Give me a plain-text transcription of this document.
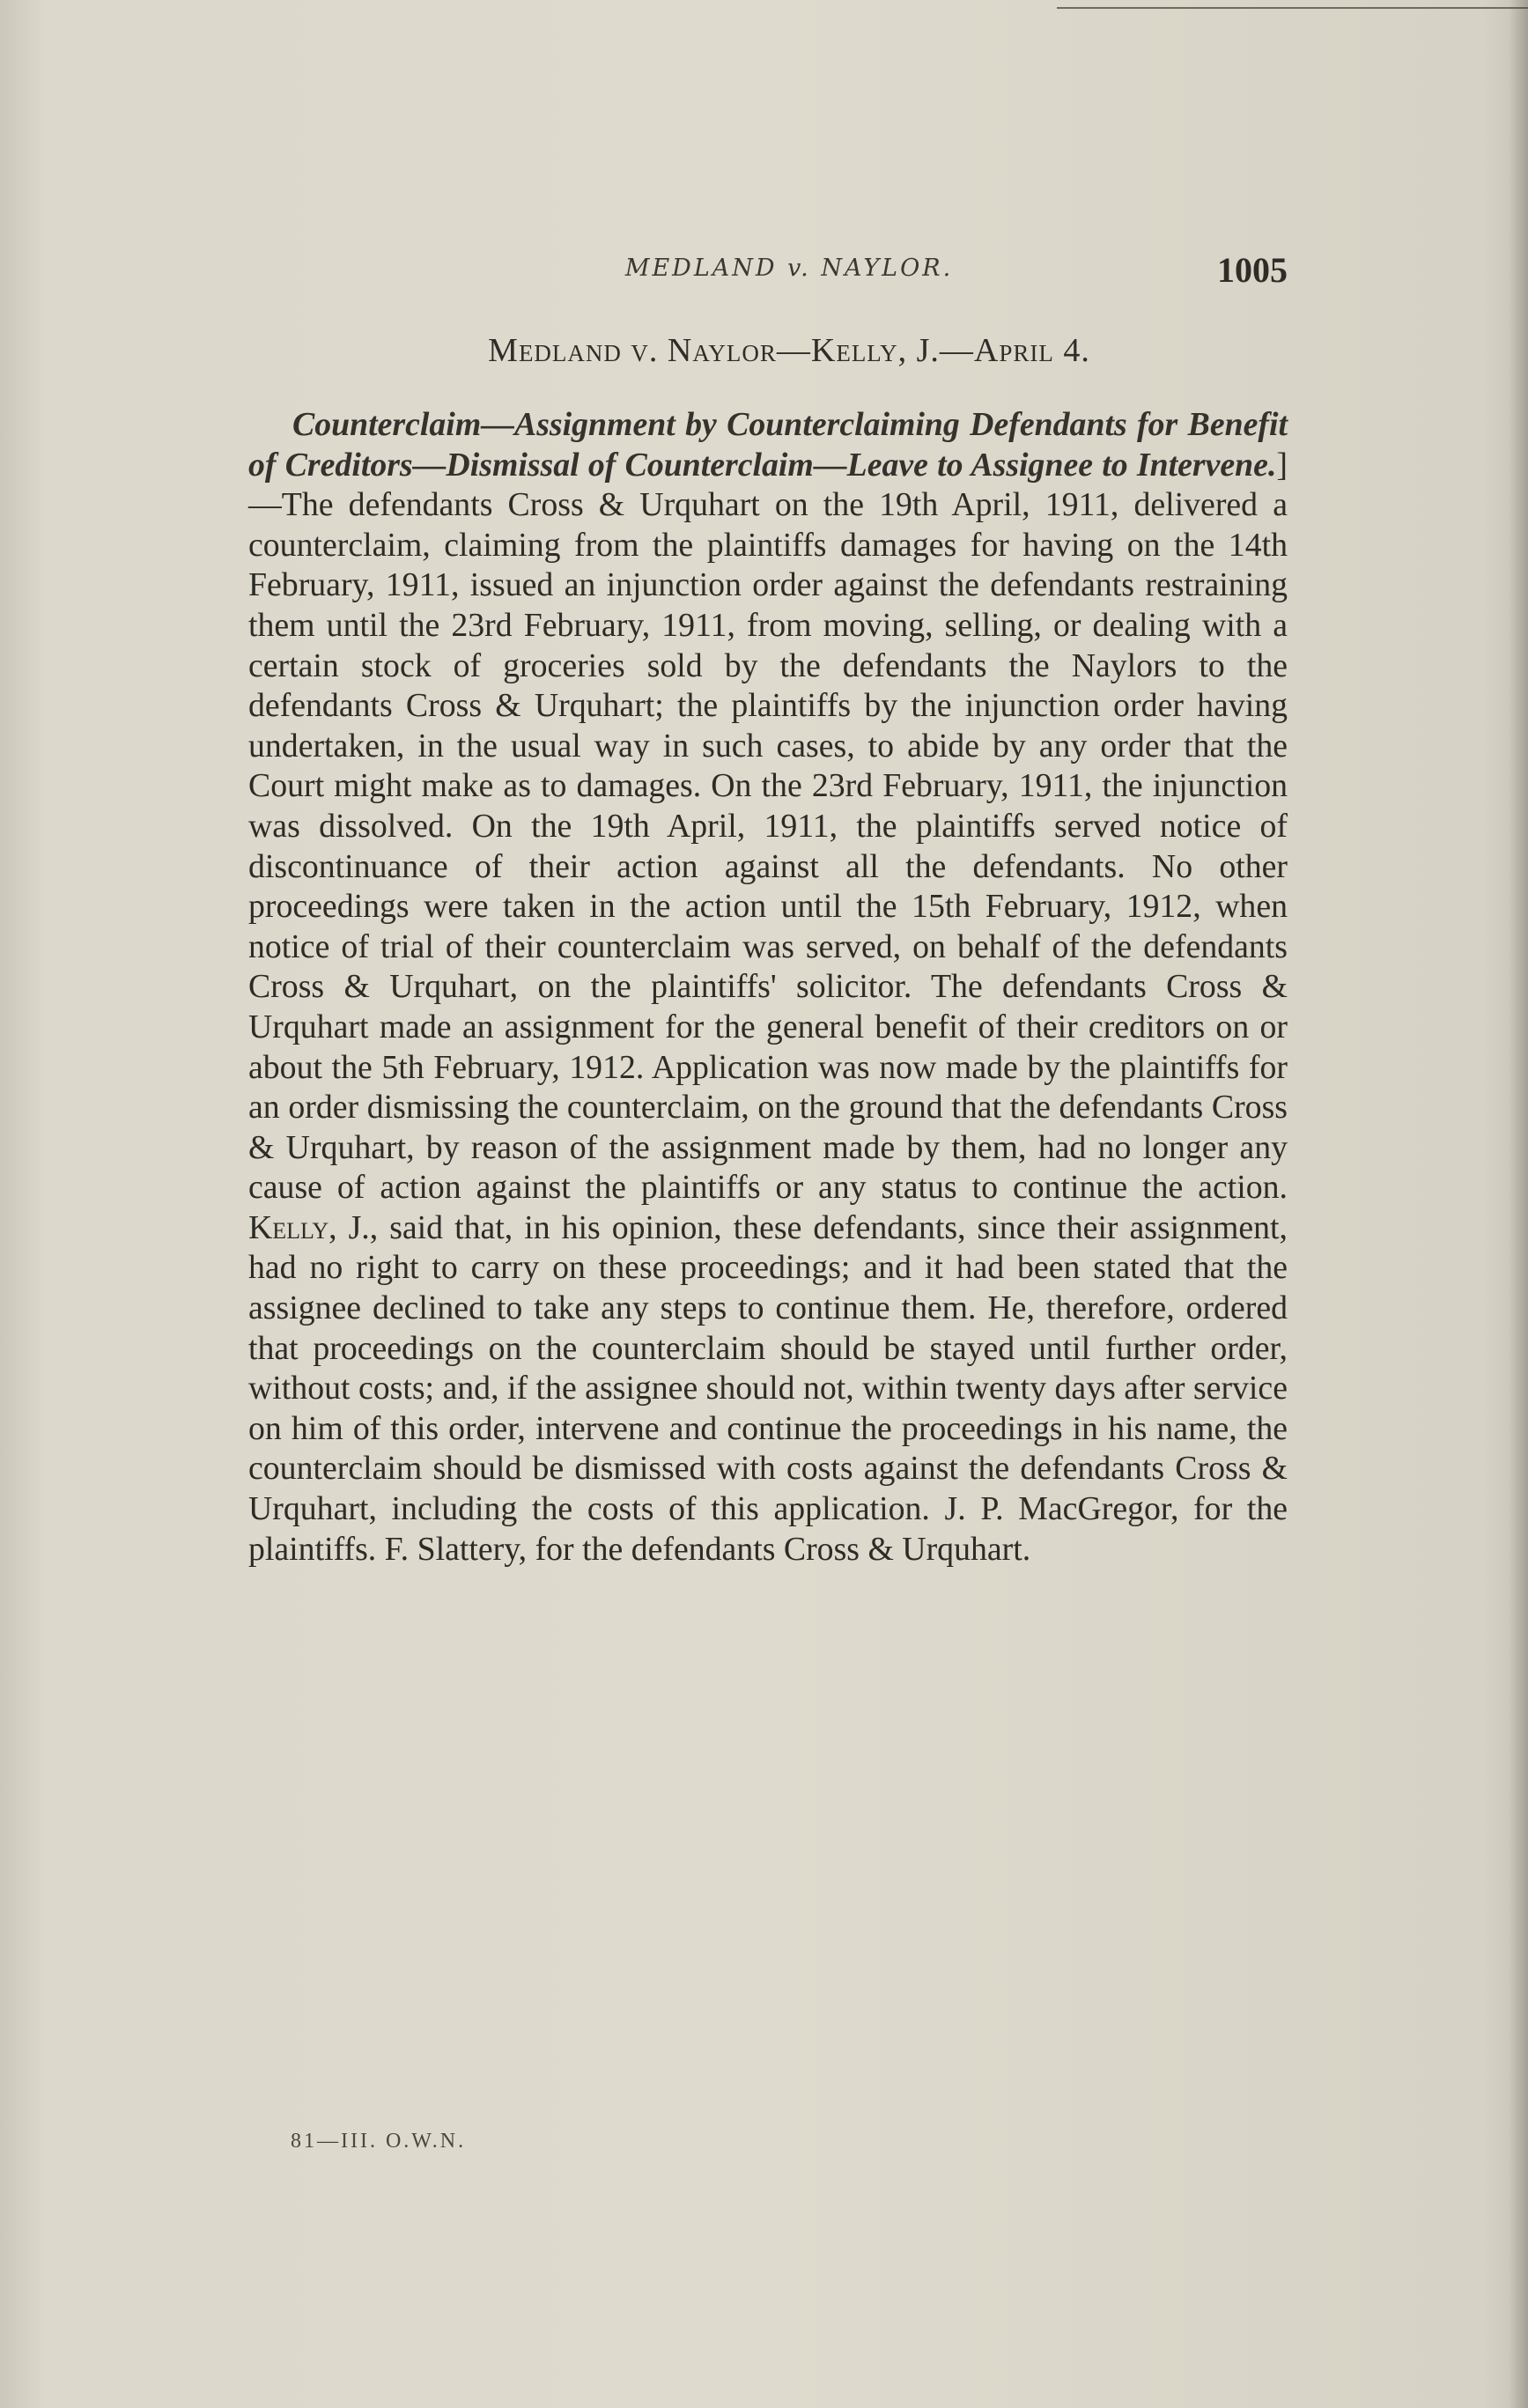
MEDLAND v. NAYLOR.	1005
Medland v. Naylor—Kelly, J.—April 4.

Counterclaim—Assignment by Counterclaiming Defendants for Benefit of Creditors—Dismissal of Counterclaim—Leave to Assignee to Intervene.]—The defendants Cross & Urquhart on the 19th April, 1911, delivered a counterclaim, claiming from the plaintiffs damages for having on the 14th February, 1911, issued an injunction order against the defendants restraining them until the 23rd February, 1911, from moving, selling, or dealing with a certain stock of groceries sold by the defendants the Naylors to the defendants Cross & Urquhart; the plaintiffs by the injunction order having undertaken, in the usual way in such cases, to abide by any order that the Court might make as to damages. On the 23rd February, 1911, the injunction was dissolved. On the 19th April, 1911, the plaintiffs served notice of discontinuance of their action against all the defendants. No other proceedings were taken in the action until the 15th February, 1912, when notice of trial of their counterclaim was served, on behalf of the defendants Cross & Urquhart, on the plaintiffs' solicitor. The defendants Cross & Urquhart made an assignment for the general benefit of their creditors on or about the 5th February, 1912. Application was now made by the plaintiffs for an order dismissing the counterclaim, on the ground that the defendants Cross & Urquhart, by reason of the assignment made by them, had no longer any cause of action against the plaintiffs or any status to continue the action. Kelly, J., said that, in his opinion, these defendants, since their assignment, had no right to carry on these proceedings; and it had been stated that the assignee declined to take any steps to continue them. He, therefore, ordered that proceedings on the counterclaim should be stayed until further order, without costs; and, if the assignee should not, within twenty days after service on him of this order, intervene and continue the proceedings in his name, the counterclaim should be dismissed with costs against the defendants Cross & Urquhart, including the costs of this application. J. P. MacGregor, for the plaintiffs. F. Slattery, for the defendants Cross & Urquhart.

81—III. O.W.N.
